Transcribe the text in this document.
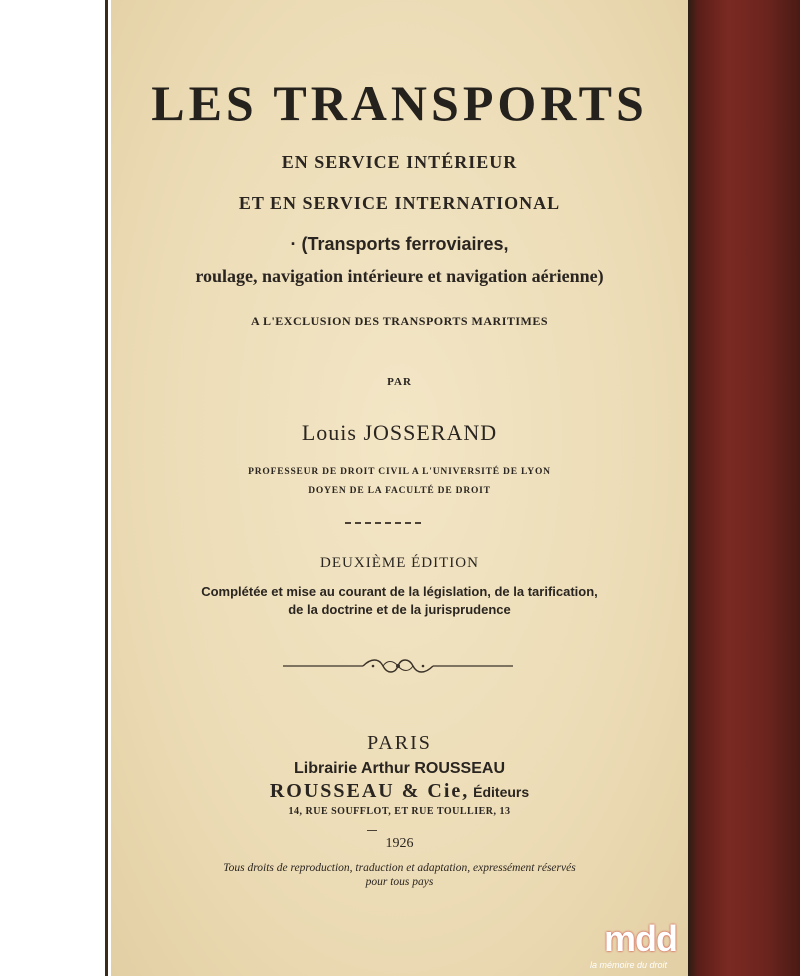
LES TRANSPORTS
EN SERVICE INTÉRIEUR
ET EN SERVICE INTERNATIONAL
· (Transports ferroviaires,
roulage, navigation intérieure et navigation aérienne)
A L'EXCLUSION DES TRANSPORTS MARITIMES
PAR
Louis JOSSERAND
PROFESSEUR DE DROIT CIVIL A L'UNIVERSITÉ DE LYON
DOYEN DE LA FACULTÉ DE DROIT
DEUXIÈME ÉDITION
Complétée et mise au courant de la législation, de la tarification,
de la doctrine et de la jurisprudence
PARIS
Librairie Arthur ROUSSEAU
ROUSSEAU & Cie, Éditeurs
14, RUE SOUFFLOT, ET RUE TOULLIER, 13
1926
Tous droits de reproduction, traduction et adaptation, expressément réservés
pour tous pays
mdd
la mémoire du droit
